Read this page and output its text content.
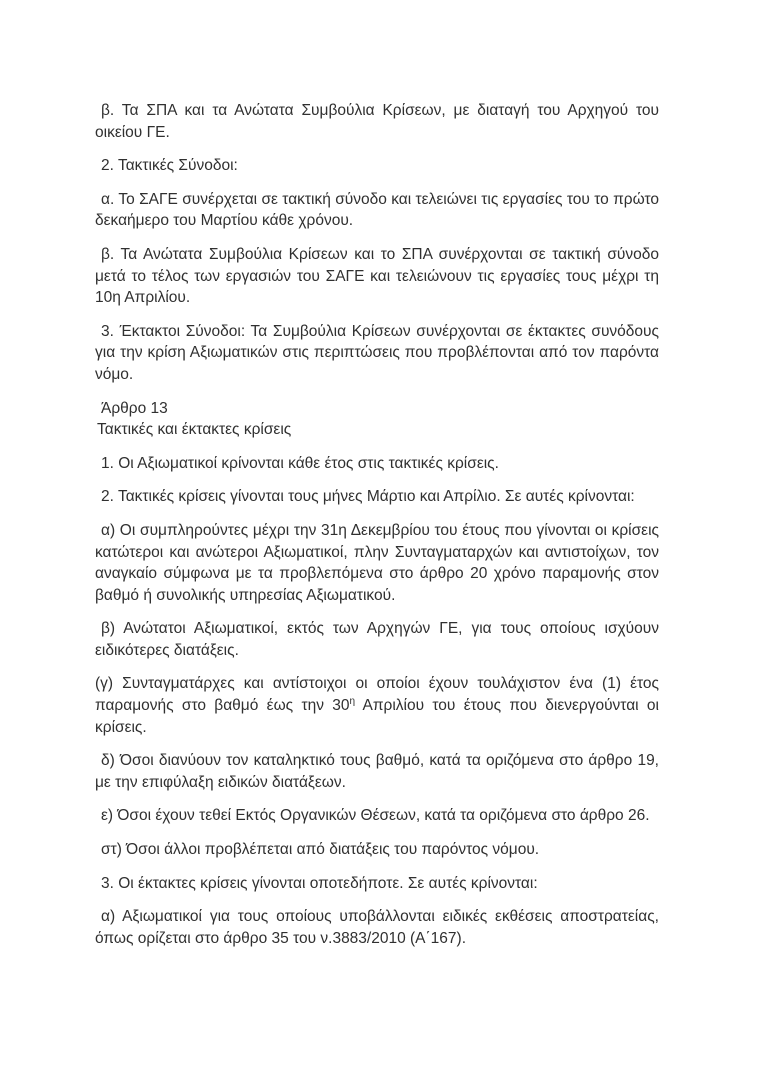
β. Τα ΣΠΑ και τα Ανώτατα Συμβούλια Κρίσεων, με διαταγή του Αρχηγού του οικείου ΓΕ.

2. Τακτικές Σύνοδοι:

α. Το ΣΑΓΕ συνέρχεται σε τακτική σύνοδο και τελειώνει τις εργασίες του το πρώτο δεκαήμερο του Μαρτίου κάθε χρόνου.

β. Τα Ανώτατα Συμβούλια Κρίσεων και το ΣΠΑ συνέρχονται σε τακτική σύνοδο μετά το τέλος των εργασιών του ΣΑΓΕ και τελειώνουν τις εργασίες τους μέχρι τη 10η Απριλίου.

3. Έκτακτοι Σύνοδοι: Τα Συμβούλια Κρίσεων συνέρχονται σε έκτακτες συνόδους για την κρίση Αξιωματικών στις περιπτώσεις που προβλέπονται από τον παρόντα νόμο.

Άρθρο 13
Τακτικές και έκτακτες κρίσεις

1. Οι Αξιωματικοί κρίνονται κάθε έτος στις τακτικές κρίσεις.

2. Τακτικές κρίσεις γίνονται τους μήνες Μάρτιο και Απρίλιο. Σε αυτές κρίνονται:

α) Οι συμπληρούντες μέχρι την 31η Δεκεμβρίου του έτους που γίνονται οι κρίσεις κατώτεροι και ανώτεροι Αξιωματικοί, πλην Συνταγματαρχών και αντιστοίχων, τον αναγκαίο σύμφωνα με τα προβλεπόμενα στο άρθρο 20 χρόνο παραμονής στον βαθμό ή συνολικής υπηρεσίας Αξιωματικού.

β) Ανώτατοι Αξιωματικοί, εκτός των Αρχηγών ΓΕ, για τους οποίους ισχύουν ειδικότερες διατάξεις.

(γ) Συνταγματάρχες και αντίστοιχοι οι οποίοι έχουν τουλάχιστον ένα (1) έτος παραμονής στο βαθμό έως την $30^\eta$ Απριλίου του έτους που διενεργούνται οι κρίσεις.

δ) Όσοι διανύουν τον καταληκτικό τους βαθμό, κατά τα οριζόμενα στο άρθρο 19, με την επιφύλαξη ειδικών διατάξεων.

ε) Όσοι έχουν τεθεί Εκτός Οργανικών Θέσεων, κατά τα οριζόμενα στο άρθρο 26.

στ) Όσοι άλλοι προβλέπεται από διατάξεις του παρόντος νόμου.

3. Οι έκτακτες κρίσεις γίνονται οποτεδήποτε. Σε αυτές κρίνονται:

α) Αξιωματικοί για τους οποίους υποβάλλονται ειδικές εκθέσεις αποστρατείας, όπως ορίζεται στο άρθρο 35 του ν.3883/2010 (Α΄167).
